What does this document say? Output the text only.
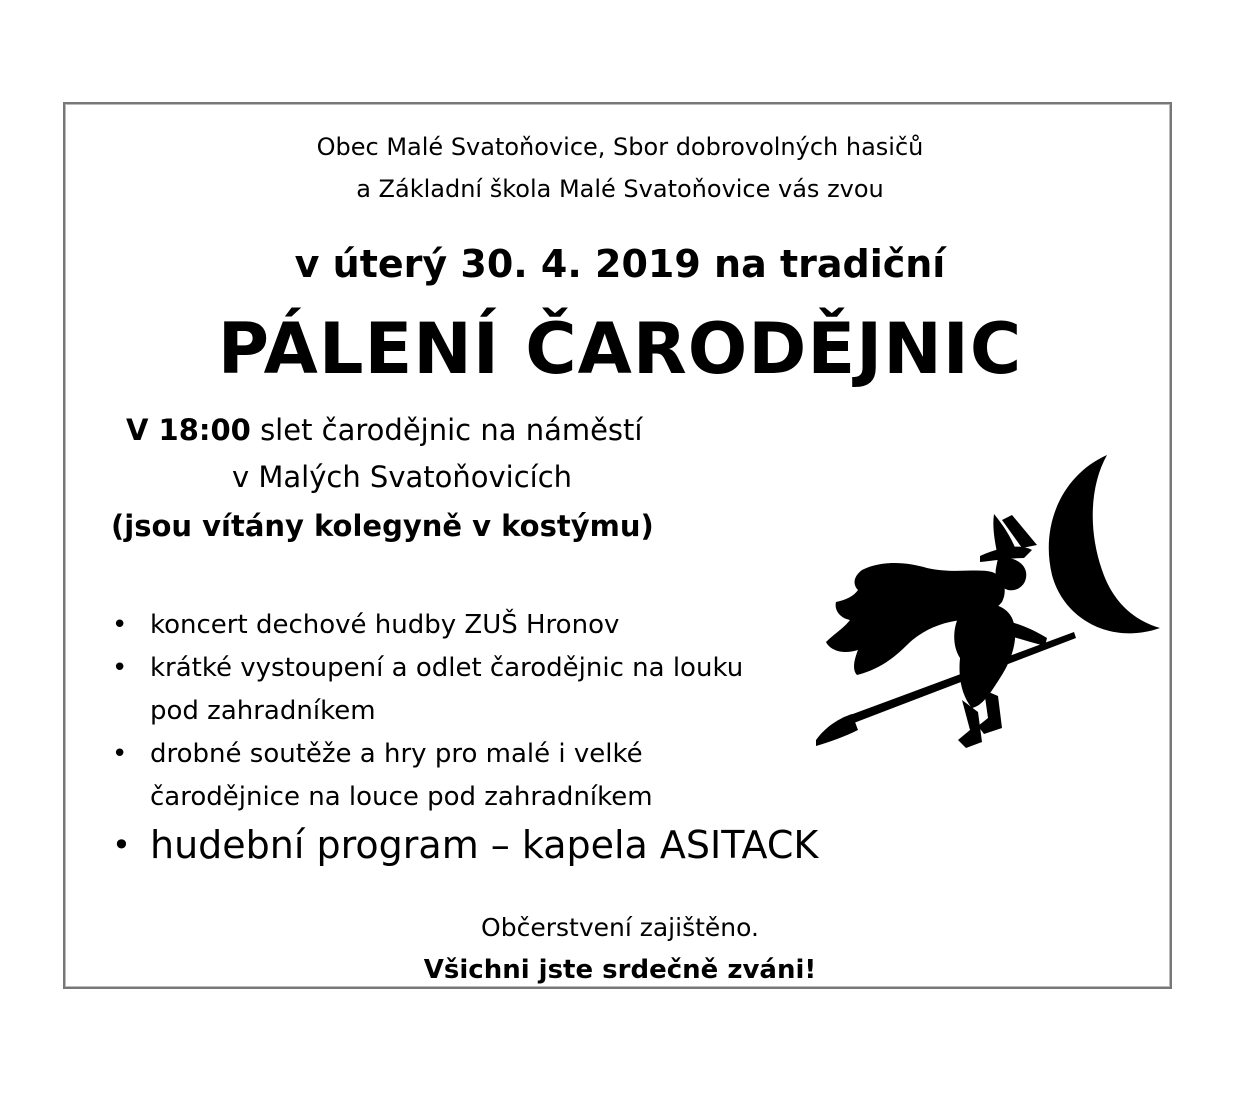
Obec Malé Svatoňovice, Sbor dobrovolných hasičů
a Základní škola Malé Svatoňovice vás zvou
v úterý 30. 4. 2019 na tradiční
PÁLENÍ ČARODĚJNIC
V 18:00 slet čarodějnic na náměstí
v Malých Svatoňovicích
(jsou vítány kolegyně v kostýmu)
• koncert dechové hudby ZUŠ Hronov
• krátké vystoupení a odlet čarodějnic na louku pod zahradníkem
• drobné soutěže a hry pro malé i velké čarodějnice na louce pod zahradníkem
• hudební program – kapela ASITACK
Občerstvení zajištěno.
Všichni jste srdečně zváni!
